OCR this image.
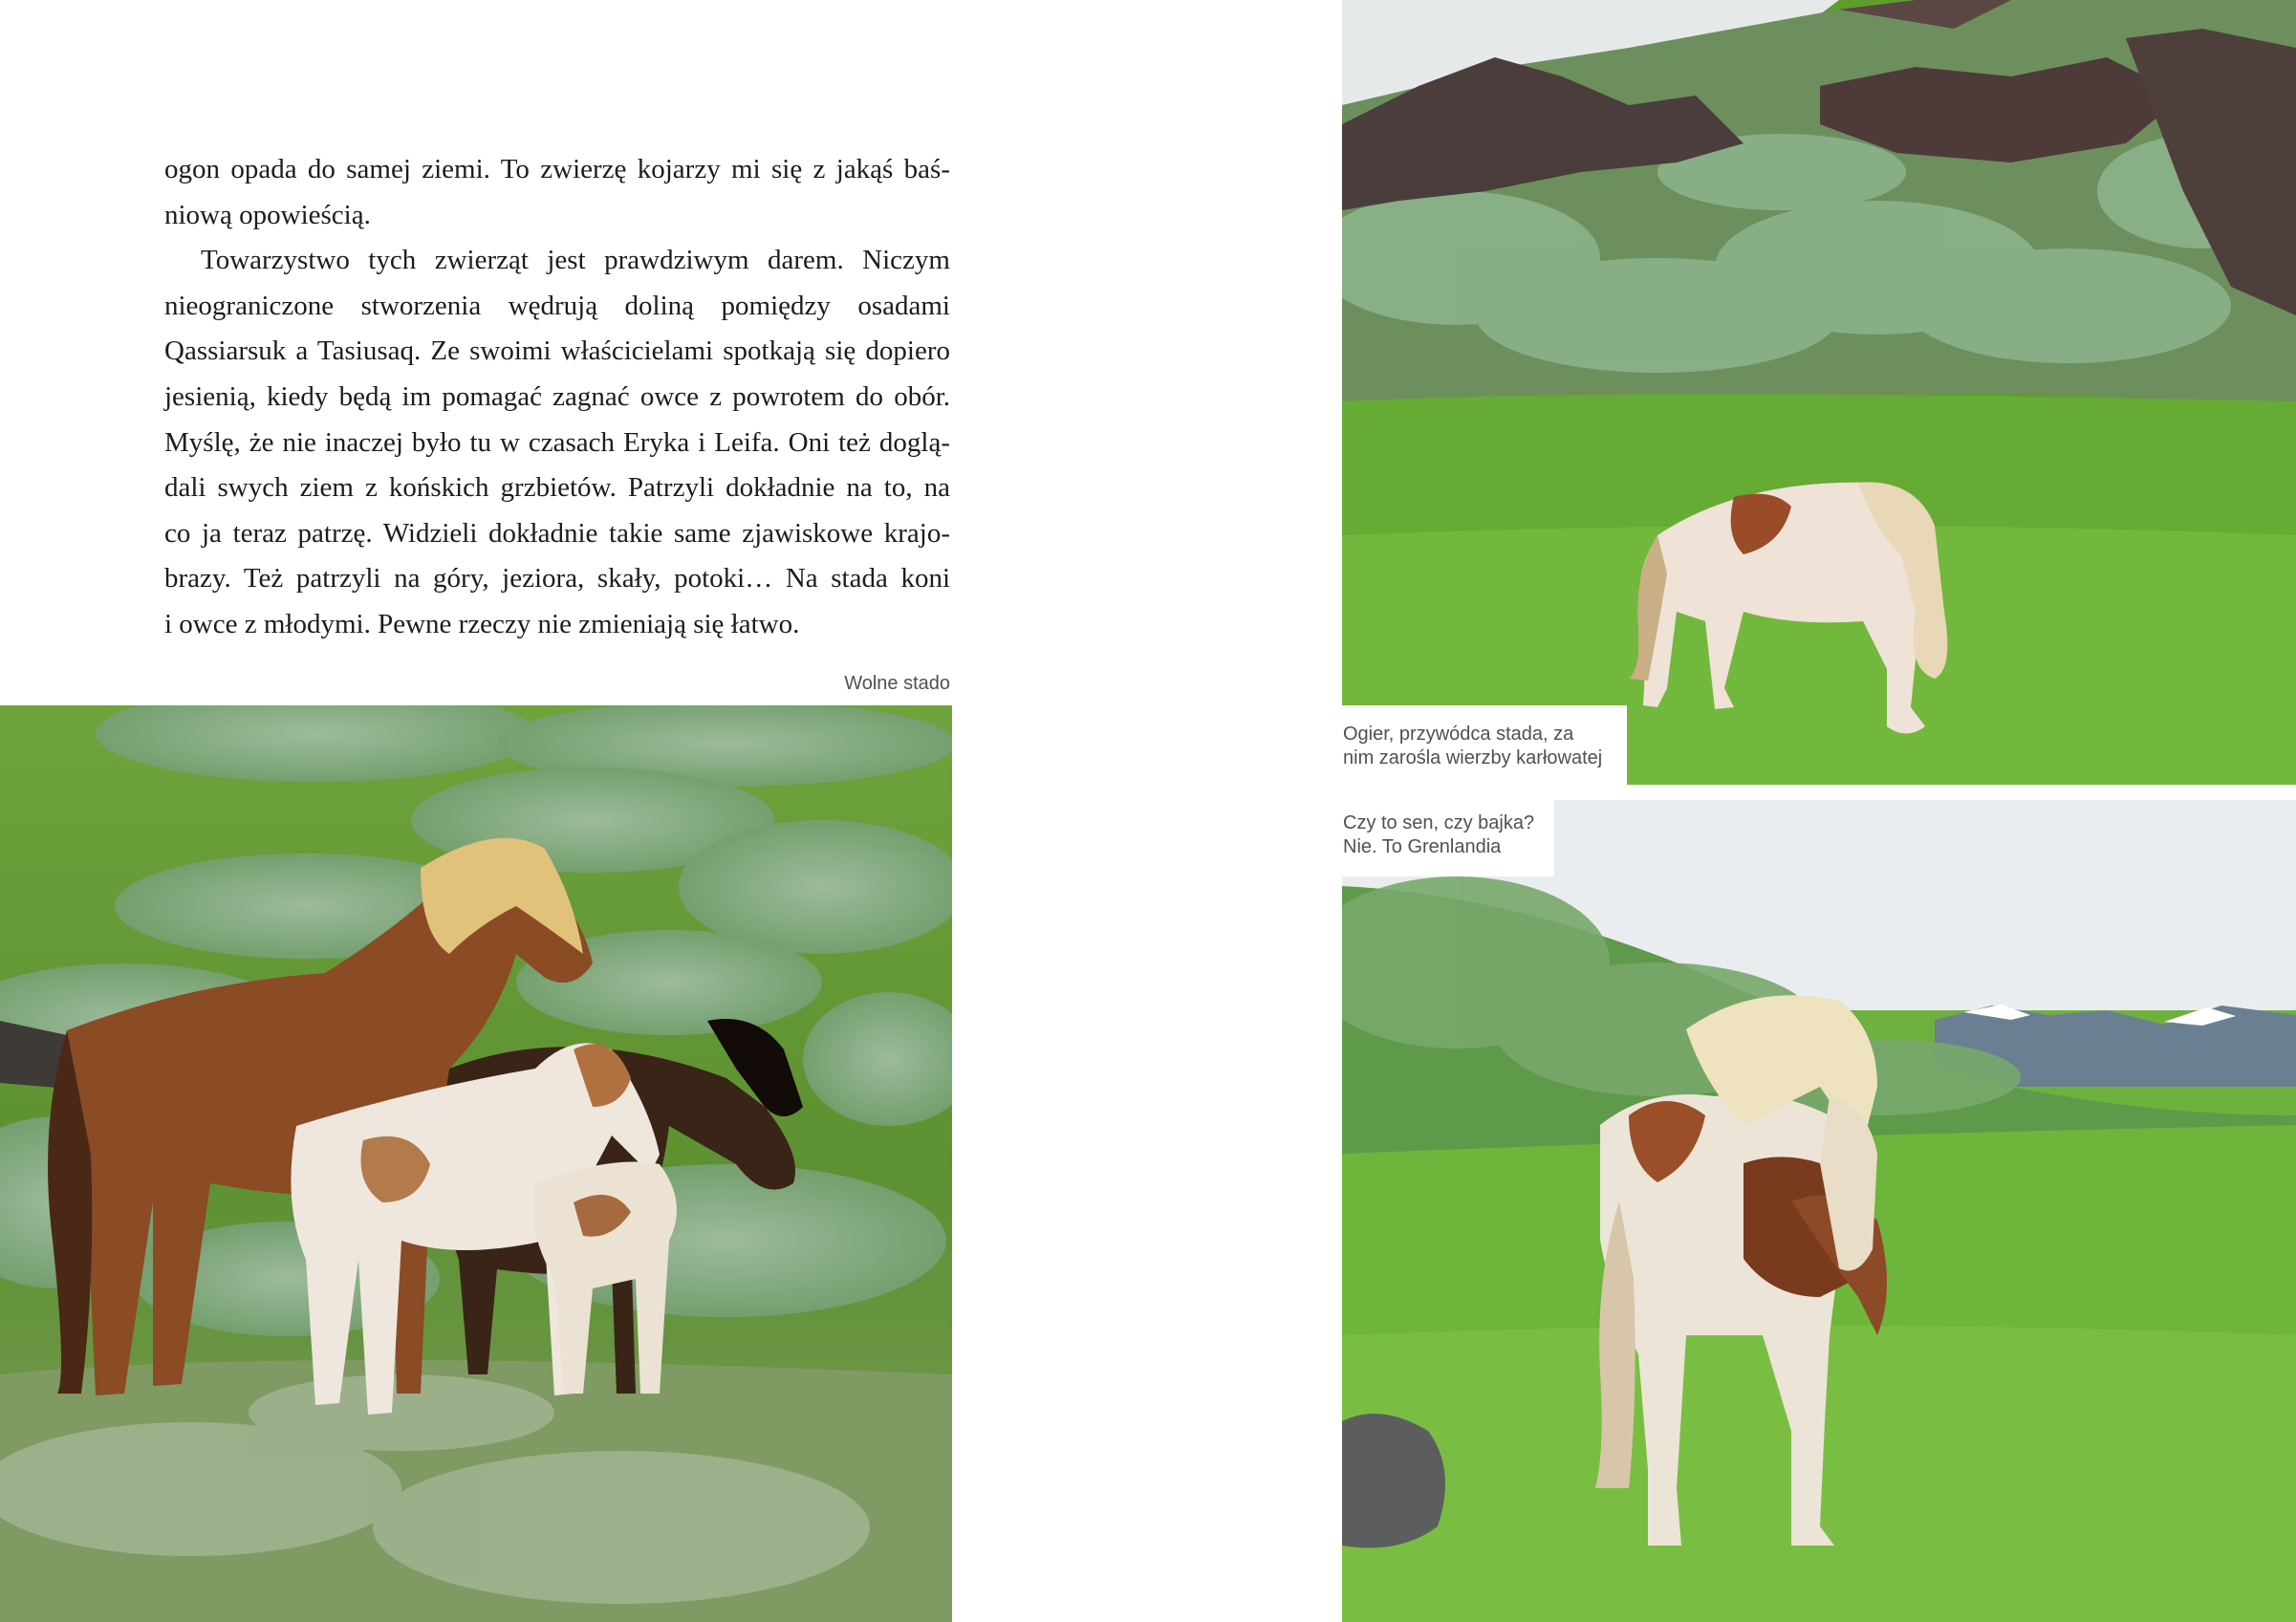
ogon opada do samej ziemi. To zwierzę kojarzy mi się z jakąś baś-
niową opowieścią.

Towarzystwo tych zwierząt jest prawdziwym darem. Niczym
nieograniczone stworzenia wędrują doliną pomiędzy osadami
Qassiarsuk a Tasiusaq. Ze swoimi właścicielami spotkają się dopiero
jesienią, kiedy będą im pomagać zagnać owce z powrotem do obór.
Myślę, że nie inaczej było tu w czasach Eryka i Leifa. Oni też doglą-
dali swych ziem z końskich grzbietów. Patrzyli dokładnie na to, na
co ja teraz patrzę. Widzieli dokładnie takie same zjawiskowe krajo-
brazy. Też patrzyli na góry, jeziora, skały, potoki… Na stada koni
i owce z młodymi. Pewne rzeczy nie zmieniają się łatwo.

Wolne stado
Ogier, przywódca stada, za
nim zarośla wierzby karłowatej
Czy to sen, czy bajka?
Nie. To Grenlandia
